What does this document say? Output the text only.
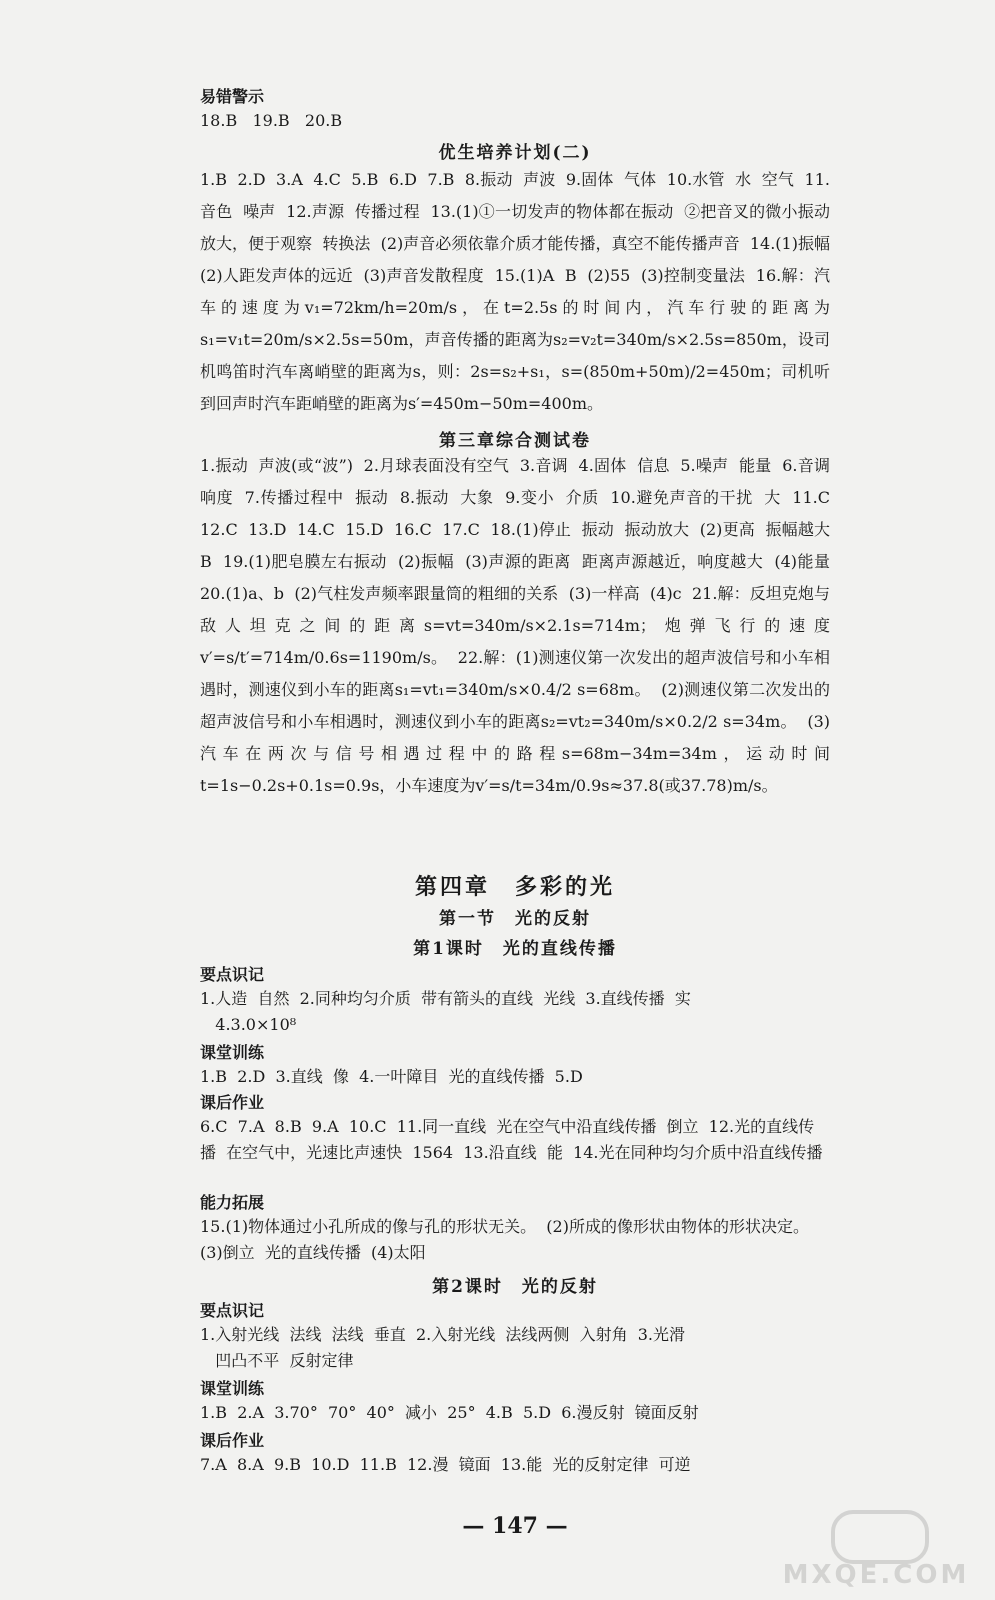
易错警示
18.B   19.B   20.B
优生培养计划(二)
1.B  2.D  3.A  4.C  5.B  6.D  7.B  8.振动  声波  9.固体  气体  10.水管  水  空气  11.音色  噪声  12.声源  传播过程  13.(1)①一切发声的物体都在振动  ②把音叉的微小振动放大，便于观察  转换法  (2)声音必须依靠介质才能传播，真空不能传播声音  14.(1)振幅  (2)人距发声体的远近  (3)声音发散程度  15.(1)A  B  (2)55  (3)控制变量法  16.解：汽车的速度为v₁=72km/h=20m/s，在t=2.5s的时间内，汽车行驶的距离为s₁=v₁t=20m/s×2.5s=50m，声音传播的距离为s₂=v₂t=340m/s×2.5s=850m，设司机鸣笛时汽车离峭壁的距离为s，则：2s=s₂+s₁，s=(850m+50m)/2=450m；司机听到回声时汽车距峭壁的距离为s′=450m−50m=400m。
第三章综合测试卷
1.振动  声波(或“波”)  2.月球表面没有空气  3.音调  4.固体  信息  5.噪声  能量  6.音调  响度  7.传播过程中  振动  8.振动  大象  9.变小  介质  10.避免声音的干扰  大  11.C  12.C  13.D  14.C  15.D  16.C  17.C  18.(1)停止  振动  振动放大  (2)更高  振幅越大  B  19.(1)肥皂膜左右振动  (2)振幅  (3)声源的距离  距离声源越近，响度越大  (4)能量  20.(1)a、b  (2)气柱发声频率跟量筒的粗细的关系  (3)一样高  (4)c  21.解：反坦克炮与敌人坦克之间的距离s=vt=340m/s×2.1s=714m；炮弹飞行的速度v′=s/t′=714m/0.6s=1190m/s。  22.解：(1)测速仪第一次发出的超声波信号和小车相遇时，测速仪到小车的距离s₁=vt₁=340m/s×0.4/2 s=68m。  (2)测速仪第二次发出的超声波信号和小车相遇时，测速仪到小车的距离s₂=vt₂=340m/s×0.2/2 s=34m。  (3)汽车在两次与信号相遇过程中的路程s=68m−34m=34m，运动时间t=1s−0.2s+0.1s=0.9s，小车速度为v′=s/t=34m/0.9s≈37.8(或37.78)m/s。
第四章　多彩的光
第一节　光的反射
第1课时　光的直线传播
要点识记
1.人造  自然  2.同种均匀介质  带有箭头的直线  光线  3.直线传播  实
4.3.0×10⁸
课堂训练
1.B  2.D  3.直线  像  4.一叶障目  光的直线传播  5.D
课后作业
6.C  7.A  8.B  9.A  10.C  11.同一直线  光在空气中沿直线传播  倒立  12.光的直线传播  在空气中，光速比声速快  1564  13.沿直线  能  14.光在同种均匀介质中沿直线传播
能力拓展
15.(1)物体通过小孔所成的像与孔的形状无关。  (2)所成的像形状由物体的形状决定。  (3)倒立  光的直线传播  (4)太阳
第2课时　光的反射
要点识记
1.入射光线  法线  法线  垂直  2.入射光线  法线两侧  入射角  3.光滑
凹凸不平  反射定律
课堂训练
1.B  2.A  3.70°  70°  40°  减小  25°  4.B  5.D  6.漫反射  镜面反射
课后作业
7.A  8.A  9.B  10.D  11.B  12.漫  镜面  13.能  光的反射定律  可逆
— 147 —
MXQE.COM
